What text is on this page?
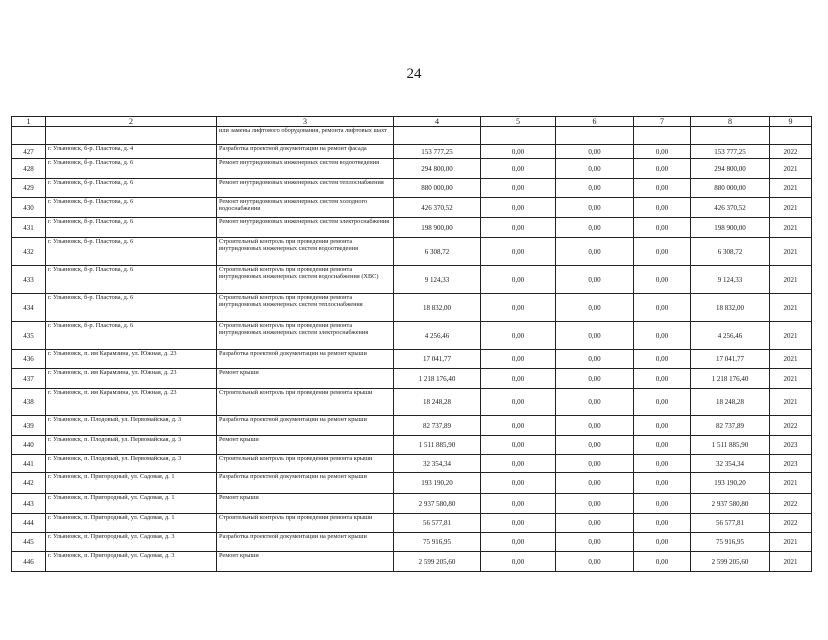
24
1	2	3	4	5	6	7	8	9
		или замены лифтового оборудования, ремонта лифтовых шахт						
427	г. Ульяновск, б-р. Пластова, д. 4	Разработка проектной документации на ремонт фасада	153 777,25	0,00	0,00	0,00	153 777,25	2022
428	г. Ульяновск, б-р. Пластова, д. 6	Ремонт внутридомовых инженерных систем водоотведения	294 800,00	0,00	0,00	0,00	294 800,00	2021
429	г. Ульяновск, б-р. Пластова, д. 6	Ремонт внутридомовых инженерных систем теплоснабжения	880 000,00	0,00	0,00	0,00	880 000,00	2021
430	г. Ульяновск, б-р. Пластова, д. 6	Ремонт внутридомовых инженерных систем холодного водоснабжения	426 370,52	0,00	0,00	0,00	426 370,52	2021
431	г. Ульяновск, б-р. Пластова, д. 6	Ремонт внутридомовых инженерных систем электроснабжения	198 900,00	0,00	0,00	0,00	198 900,00	2021
432	г. Ульяновск, б-р. Пластова, д. 6	Строительный контроль при проведении ремонта внутридомовых инженерных систем водоотведения	6 308,72	0,00	0,00	0,00	6 308,72	2021
433	г. Ульяновск, б-р. Пластова, д. 6	Строительный контроль при проведении ремонта внутридомовых инженерных систем водоснабжения (ХВС)	9 124,33	0,00	0,00	0,00	9 124,33	2021
434	г. Ульяновск, б-р. Пластова, д. 6	Строительный контроль при проведении ремонта внутридомовых инженерных систем теплоснабжения	18 832,00	0,00	0,00	0,00	18 832,00	2021
435	г. Ульяновск, б-р. Пластова, д. 6	Строительный контроль при проведении ремонта внутридомовых инженерных систем электроснабжения	4 256,46	0,00	0,00	0,00	4 256,46	2021
436	г. Ульяновск, п. им Карамзина, ул. Южная, д. 23	Разработка проектной документации на ремонт крыши	17 041,77	0,00	0,00	0,00	17 041,77	2021
437	г. Ульяновск, п. им Карамзина, ул. Южная, д. 23	Ремонт крыши	1 218 176,40	0,00	0,00	0,00	1 218 176,40	2021
438	г. Ульяновск, п. им Карамзина, ул. Южная, д. 23	Строительный контроль при проведении ремонта крыши	18 248,28	0,00	0,00	0,00	18 248,28	2021
439	г. Ульяновск, п. Плодовый, ул. Первомайская, д. 3	Разработка проектной документации на ремонт крыши	82 737,89	0,00	0,00	0,00	82 737,89	2022
440	г. Ульяновск, п. Плодовый, ул. Первомайская, д. 3	Ремонт крыши	1 511 885,90	0,00	0,00	0,00	1 511 885,90	2023
441	г. Ульяновск, п. Плодовый, ул. Первомайская, д. 3	Строительный контроль при проведении ремонта крыши	32 354,34	0,00	0,00	0,00	32 354,34	2023
442	г. Ульяновск, п. Пригородный, ул. Садовая, д. 1	Разработка проектной документации на ремонт крыши	193 190,20	0,00	0,00	0,00	193 190,20	2021
443	г. Ульяновск, п. Пригородный, ул. Садовая, д. 1	Ремонт крыши	2 937 580,80	0,00	0,00	0,00	2 937 580,80	2022
444	г. Ульяновск, п. Пригородный, ул. Садовая, д. 1	Строительный контроль при проведении ремонта крыши	56 577,81	0,00	0,00	0,00	56 577,81	2022
445	г. Ульяновск, п. Пригородный, ул. Садовая, д. 3	Разработка проектной документации на ремонт крыши	75 916,95	0,00	0,00	0,00	75 916,95	2021
446	г. Ульяновск, п. Пригородный, ул. Садовая, д. 3	Ремонт крыши	2 599 205,60	0,00	0,00	0,00	2 599 205,60	2021
